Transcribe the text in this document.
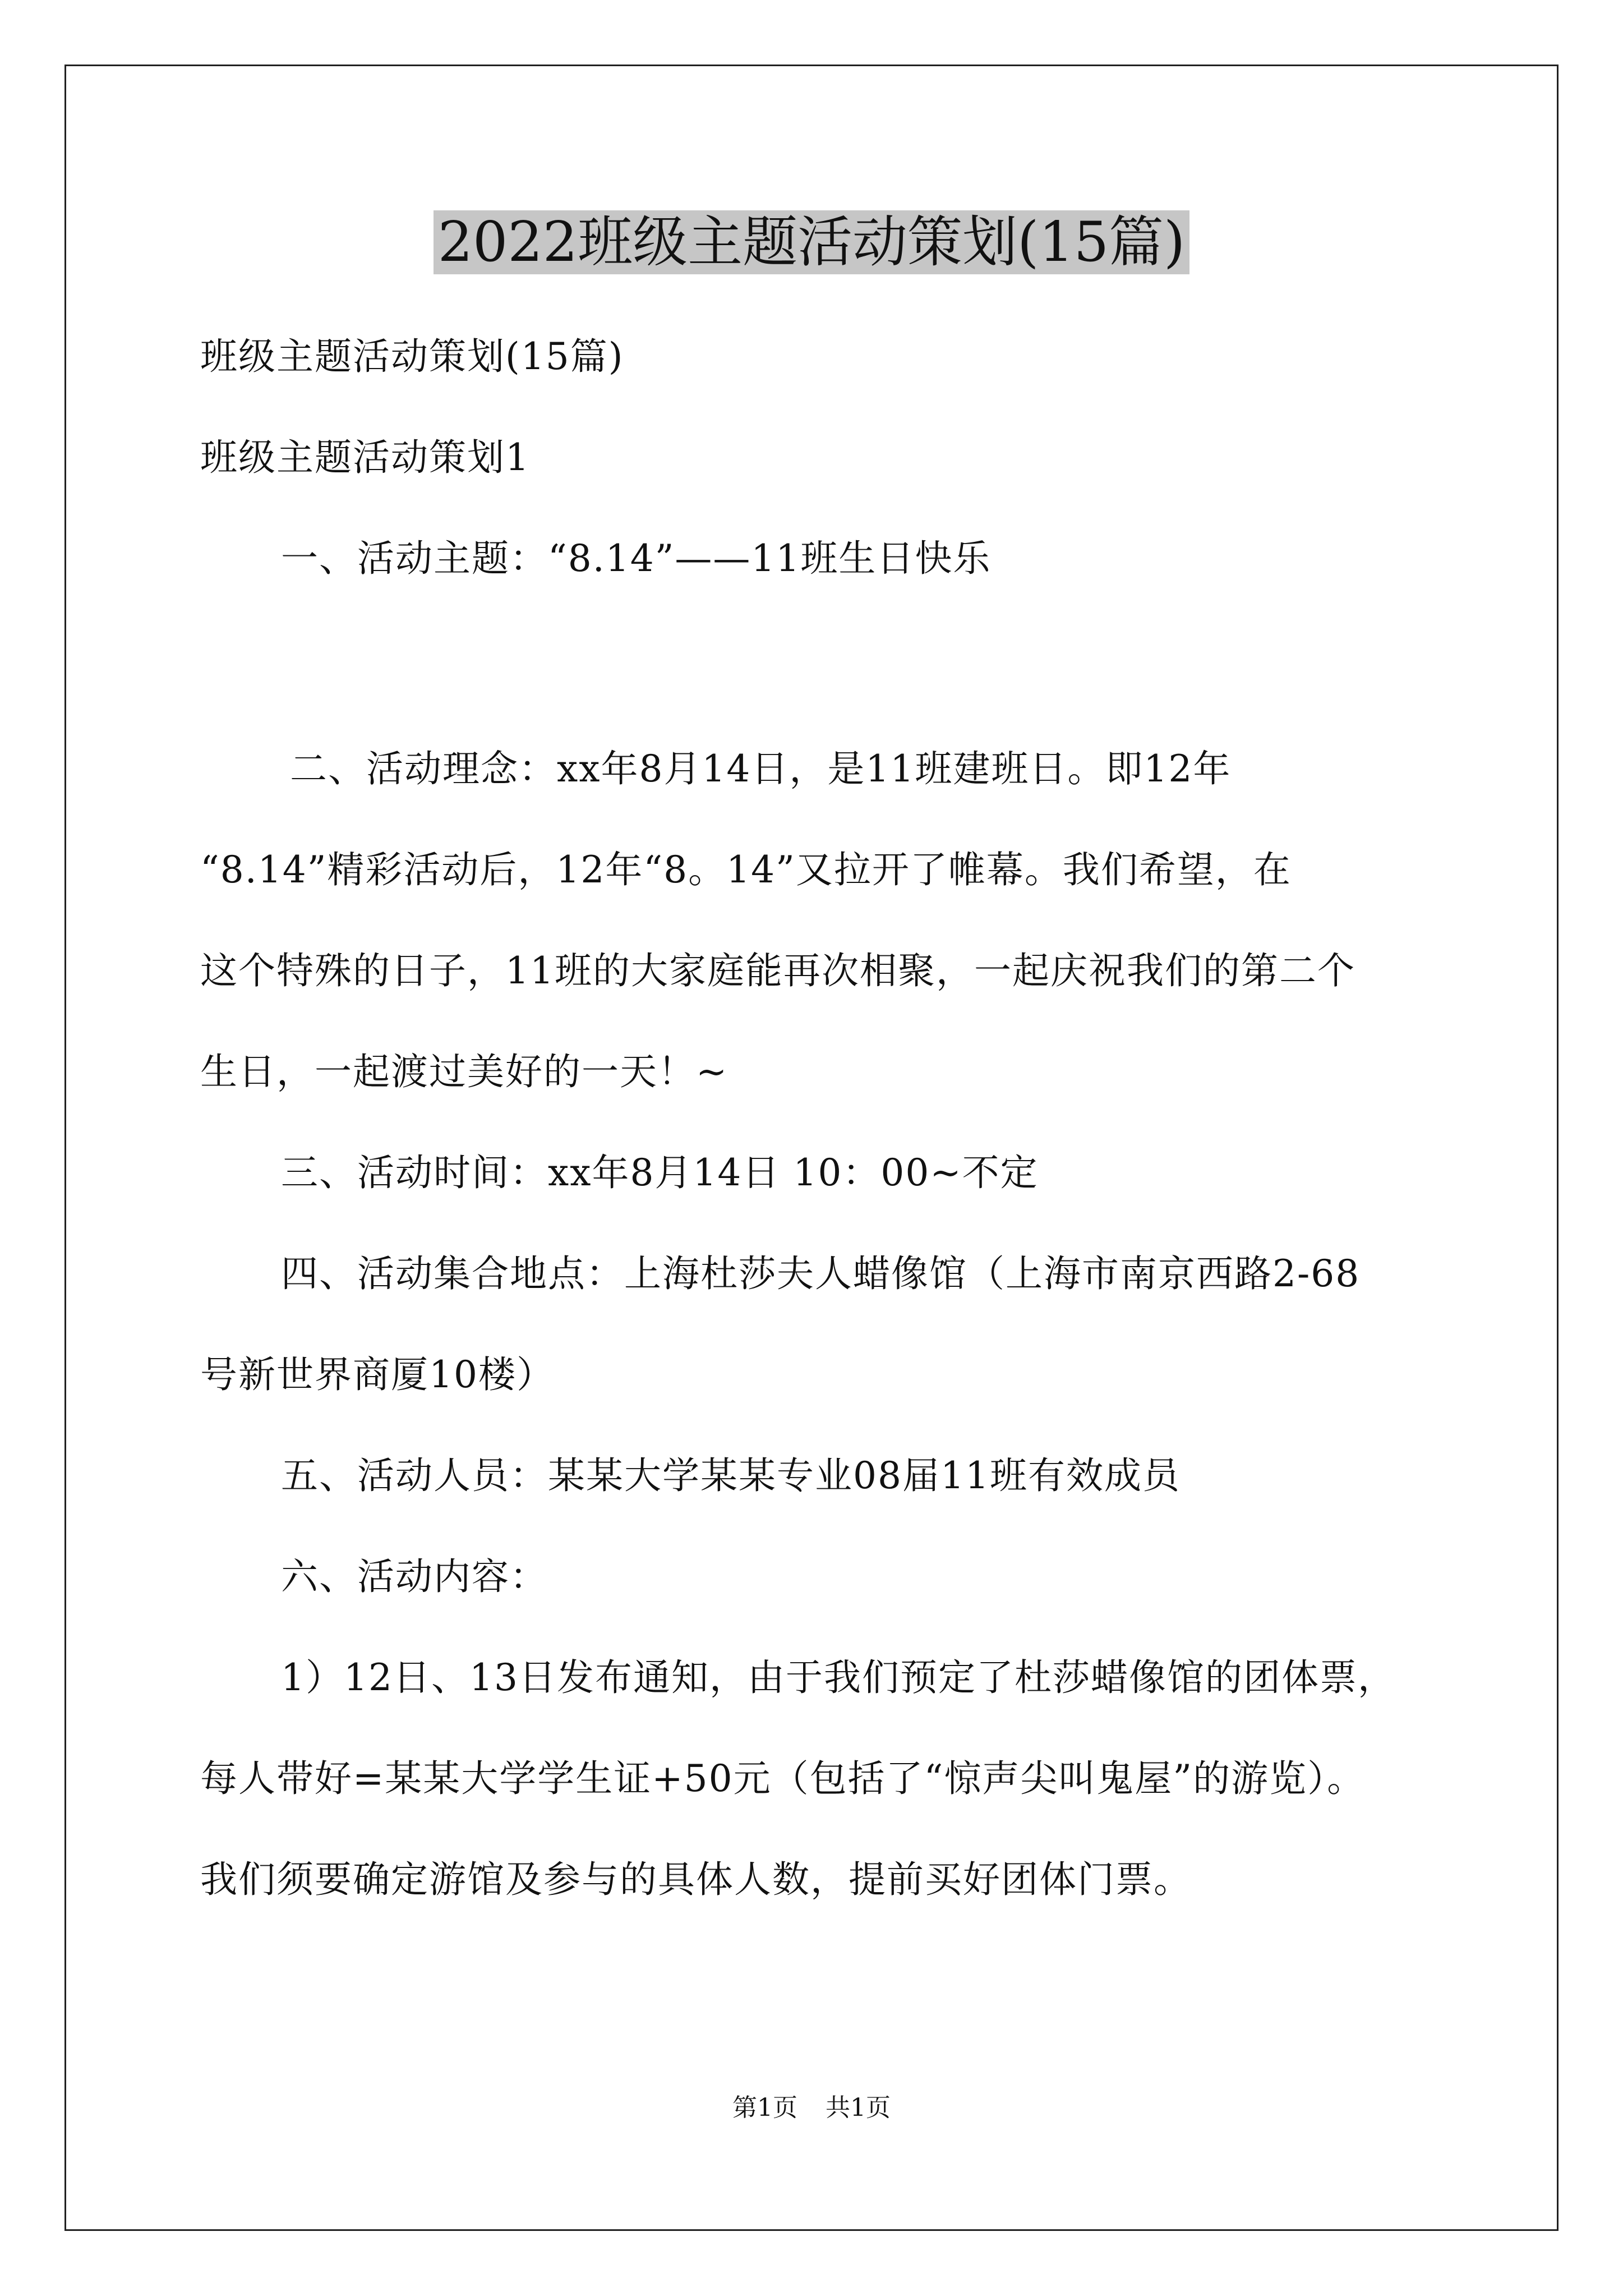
2022班级主题活动策划(15篇)

班级主题活动策划(15篇)

班级主题活动策划1

一、活动主题：“8.14”——11班生日快乐

二、活动理念：xx年8月14日，是11班建班日。即12年
“8.14”精彩活动后，12年“8。14”又拉开了帷幕。我们希望，在
这个特殊的日子，11班的大家庭能再次相聚，一起庆祝我们的第二个
生日，一起渡过美好的一天！~

三、活动时间：xx年8月14日 10：00~不定

四、活动集合地点：上海杜莎夫人蜡像馆（上海市南京西路2-68
号新世界商厦10楼）

五、活动人员：某某大学某某专业08届11班有效成员

六、活动内容：

1）12日、13日发布通知，由于我们预定了杜莎蜡像馆的团体票，
每人带好=某某大学学生证+50元（包括了“惊声尖叫鬼屋”的游览）。
我们须要确定游馆及参与的具体人数，提前买好团体门票。

第1页 共1页
